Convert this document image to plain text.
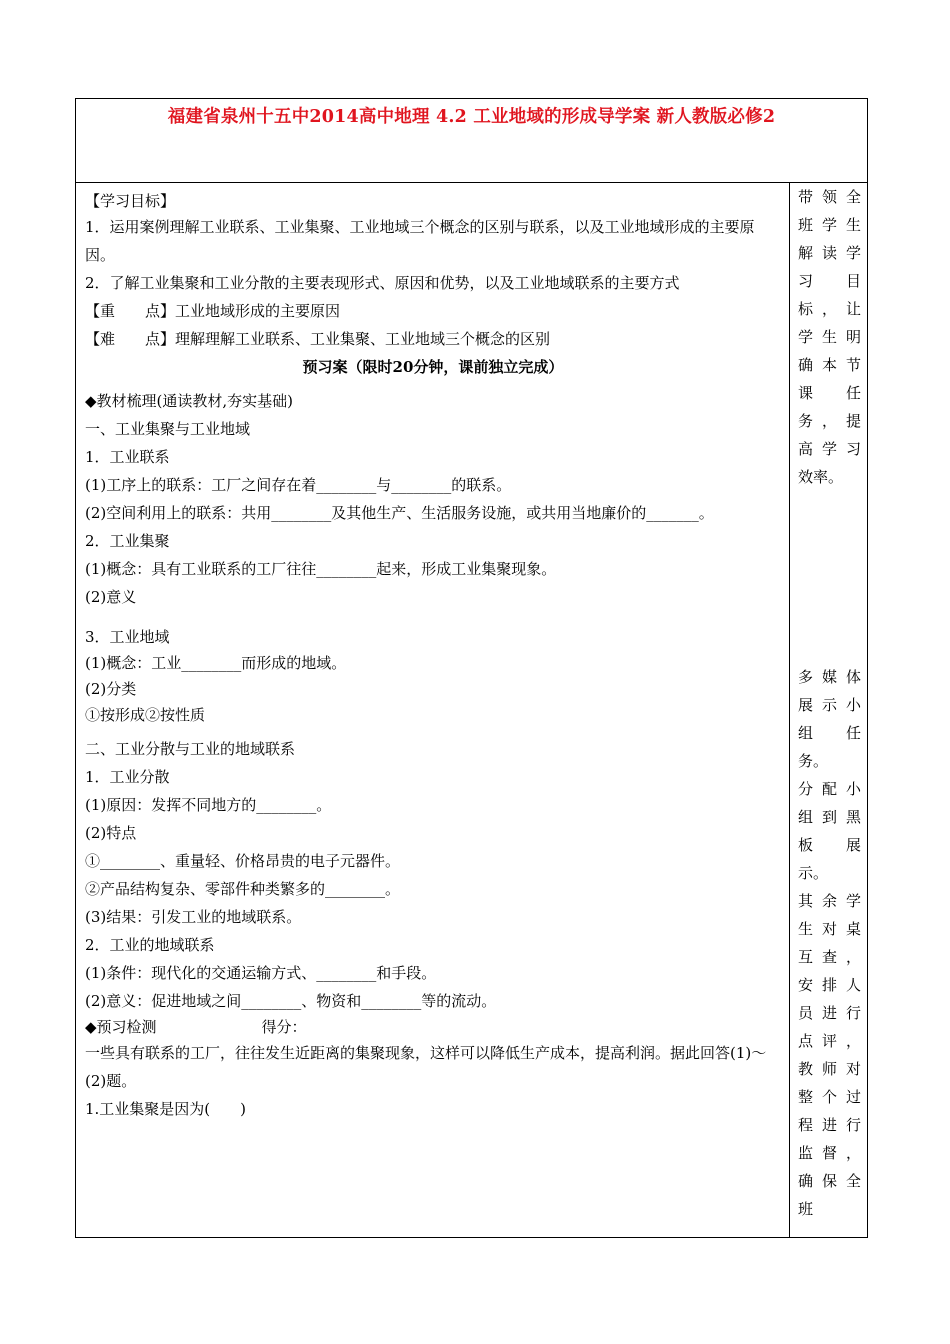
福建省泉州十五中2014高中地理 4.2 工业地域的形成导学案 新人教版必修2
【学习目标】
1．运用案例理解工业联系、工业集聚、工业地域三个概念的区别与联系，以及工业地域形成的主要原因。
2．了解工业集聚和工业分散的主要表现形式、原因和优势，以及工业地域联系的主要方式
【重　　点】工业地域形成的主要原因
【难　　点】理解理解工业联系、工业集聚、工业地域三个概念的区别
预习案（限时20分钟，课前独立完成）
◆教材梳理(通读教材,夯实基础)
一、工业集聚与工业地域
1．工业联系
(1)工序上的联系：工厂之间存在着________与________的联系。
(2)空间利用上的联系：共用________及其他生产、生活服务设施，或共用当地廉价的_______。
2．工业集聚
(1)概念：具有工业联系的工厂往往________起来，形成工业集聚现象。
(2)意义
3．工业地域
(1)概念：工业________而形成的地域。
(2)分类
①按形成②按性质
二、工业分散与工业的地域联系
1．工业分散
(1)原因：发挥不同地方的________。
(2)特点
①________、重量轻、价格昂贵的电子元器件。
②产品结构复杂、零部件种类繁多的________。
(3)结果：引发工业的地域联系。
2．工业的地域联系
(1)条件：现代化的交通运输方式、________和手段。
(2)意义：促进地域之间________、物资和________等的流动。
◆预习检测　　　　　　　得分：
一些具有联系的工厂，往往发生近距离的集聚现象，这样可以降低生产成本，提高利润。据此回答(1)～(2)题。
1.工业集聚是因为(　　)
带领全
班学生
解读学
习　目
标，让
学生明
确本节
课　任
务，提
高学习
效率。
多媒体
展示小
组　任
务。
分配小
组到黑
板　展
示。
其余学
生对桌
互查，
安排人
员进行
点评，
教师对
整个过
程进行
监督，
确保全
班
